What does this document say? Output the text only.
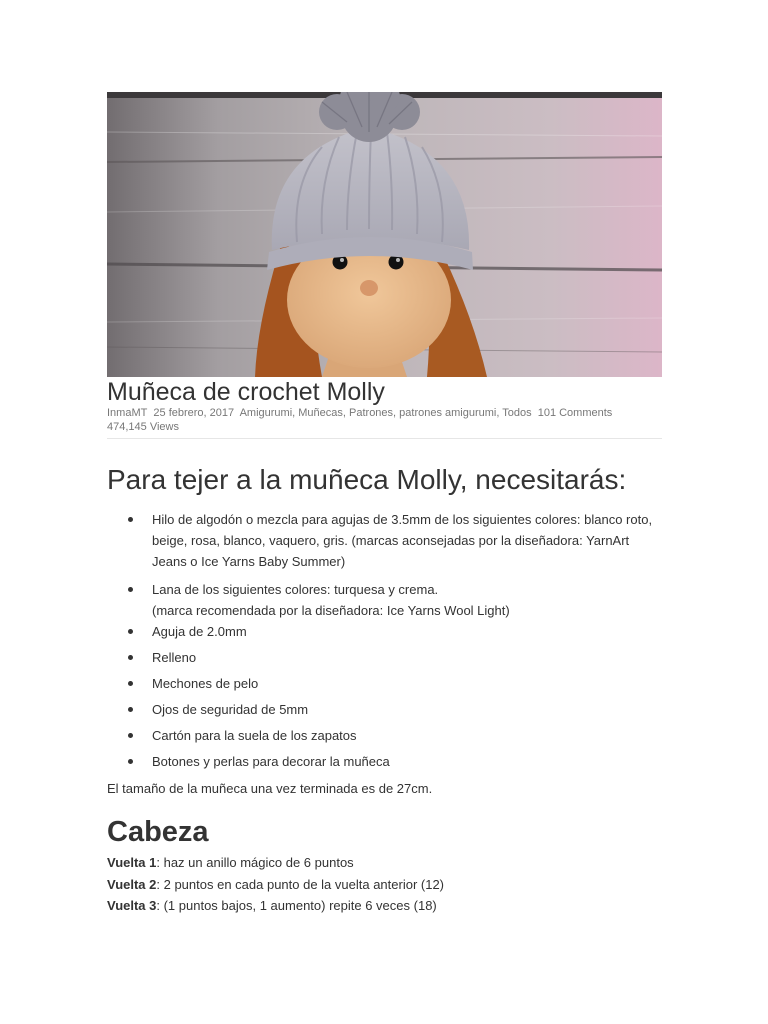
Muñeca de crochet Molly
InmaMT 25 febrero, 2017 Amigurumi, Muñecas, Patrones, patrones amigurumi, Todos 101 Comments 474,145 Views
Para tejer a la muñeca Molly, necesitarás:
Hilo de algodón o mezcla para agujas de 3.5mm de los siguientes colores: blanco roto, beige, rosa, blanco, vaquero, gris. (marcas aconsejadas por la diseñadora: YarnArt Jeans o Ice Yarns Baby Summer)
Lana de los siguientes colores: turquesa y crema.
(marca recomendada por la diseñadora: Ice Yarns Wool Light)
Aguja de 2.0mm
Relleno
Mechones de pelo
Ojos de seguridad de 5mm
Cartón para la suela de los zapatos
Botones y perlas para decorar la muñeca
El tamaño de la muñeca una vez terminada es de 27cm.
Cabeza
Vuelta 1: haz un anillo mágico de 6 puntos
Vuelta 2: 2 puntos en cada punto de la vuelta anterior (12)
Vuelta 3: (1 puntos bajos, 1 aumento) repite 6 veces (18)
